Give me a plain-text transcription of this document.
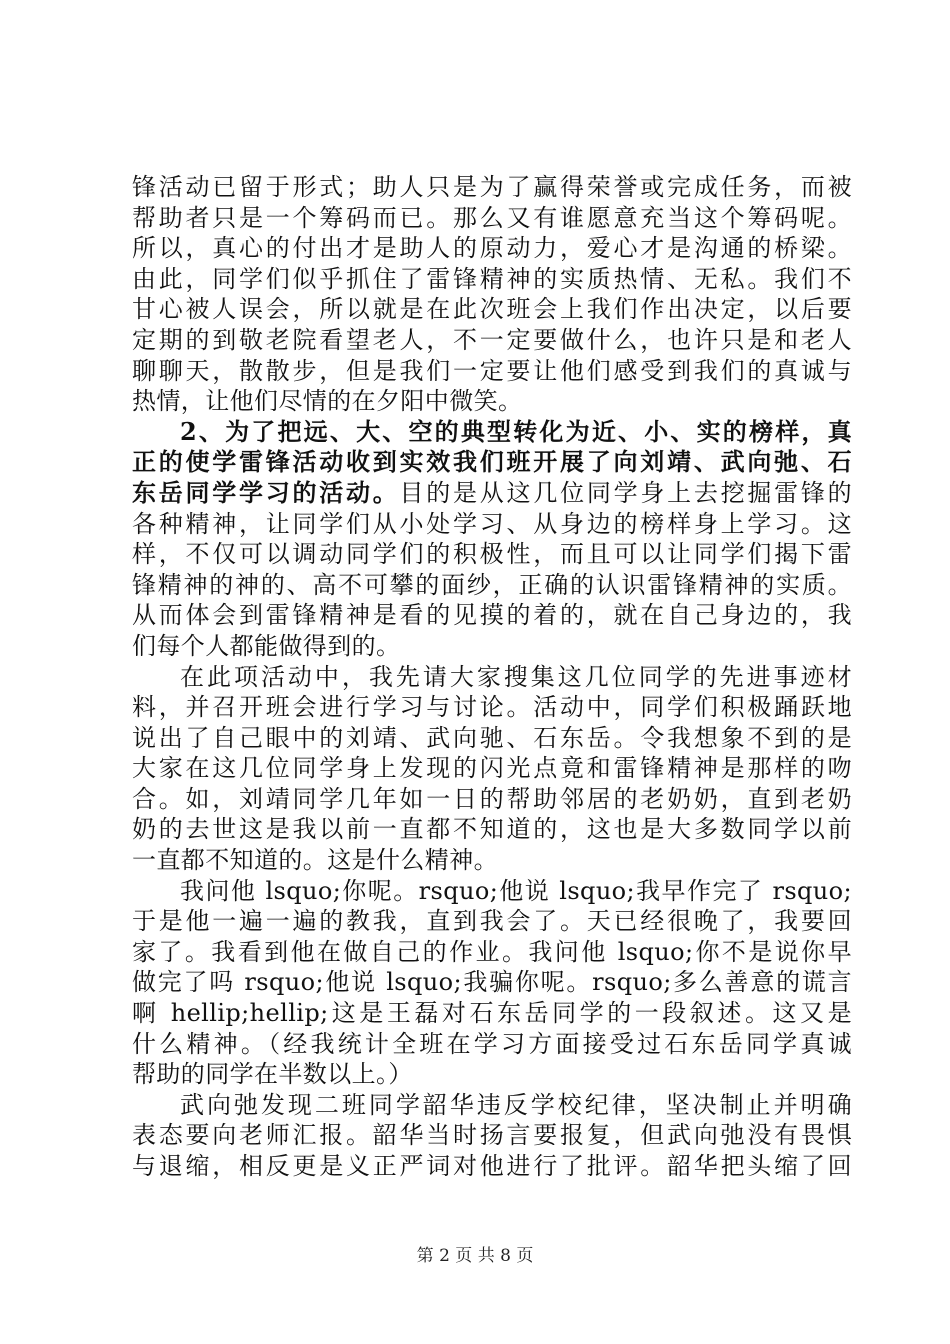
锋活动已留于形式；助人只是为了赢得荣誉或完成任务，而被
帮助者只是一个筹码而已。那么又有谁愿意充当这个筹码呢。
所以，真心的付出才是助人的原动力，爱心才是沟通的桥梁。
由此，同学们似乎抓住了雷锋精神的实质热情、无私。我们不
甘心被人误会，所以就是在此次班会上我们作出决定，以后要
定期的到敬老院看望老人，不一定要做什么，也许只是和老人
聊聊天，散散步，但是我们一定要让他们感受到我们的真诚与
热情，让他们尽情的在夕阳中微笑。
2、为了把远、大、空的典型转化为近、小、实的榜样，真
正的使学雷锋活动收到实效我们班开展了向刘靖、武向弛、石
东岳同学学习的活动。目的是从这几位同学身上去挖掘雷锋的
各种精神，让同学们从小处学习、从身边的榜样身上学习。这
样，不仅可以调动同学们的积极性，而且可以让同学们揭下雷
锋精神的神的、高不可攀的面纱，正确的认识雷锋精神的实质。
从而体会到雷锋精神是看的见摸的着的，就在自己身边的，我
们每个人都能做得到的。
在此项活动中，我先请大家搜集这几位同学的先进事迹材
料，并召开班会进行学习与讨论。活动中，同学们积极踊跃地
说出了自己眼中的刘靖、武向驰、石东岳。令我想象不到的是
大家在这几位同学身上发现的闪光点竟和雷锋精神是那样的吻
合。如，刘靖同学几年如一日的帮助邻居的老奶奶，直到老奶
奶的去世这是我以前一直都不知道的，这也是大多数同学以前
一直都不知道的。这是什么精神。
我问他 lsquo;你呢。rsquo;他说 lsquo;我早作完了 rsquo;
于是他一遍一遍的教我，直到我会了。天已经很晚了，我要回
家了。我看到他在做自己的作业。我问他 lsquo;你不是说你早
做完了吗 rsquo;他说 lsquo;我骗你呢。rsquo;多么善意的谎言
啊 hellip;hellip;这是王磊对石东岳同学的一段叙述。这又是
什么精神。（经我统计全班在学习方面接受过石东岳同学真诚
帮助的同学在半数以上。）
武向弛发现二班同学韶华违反学校纪律，坚决制止并明确
表态要向老师汇报。韶华当时扬言要报复，但武向弛没有畏惧
与退缩，相反更是义正严词对他进行了批评。韶华把头缩了回
第 2 页 共 8 页
